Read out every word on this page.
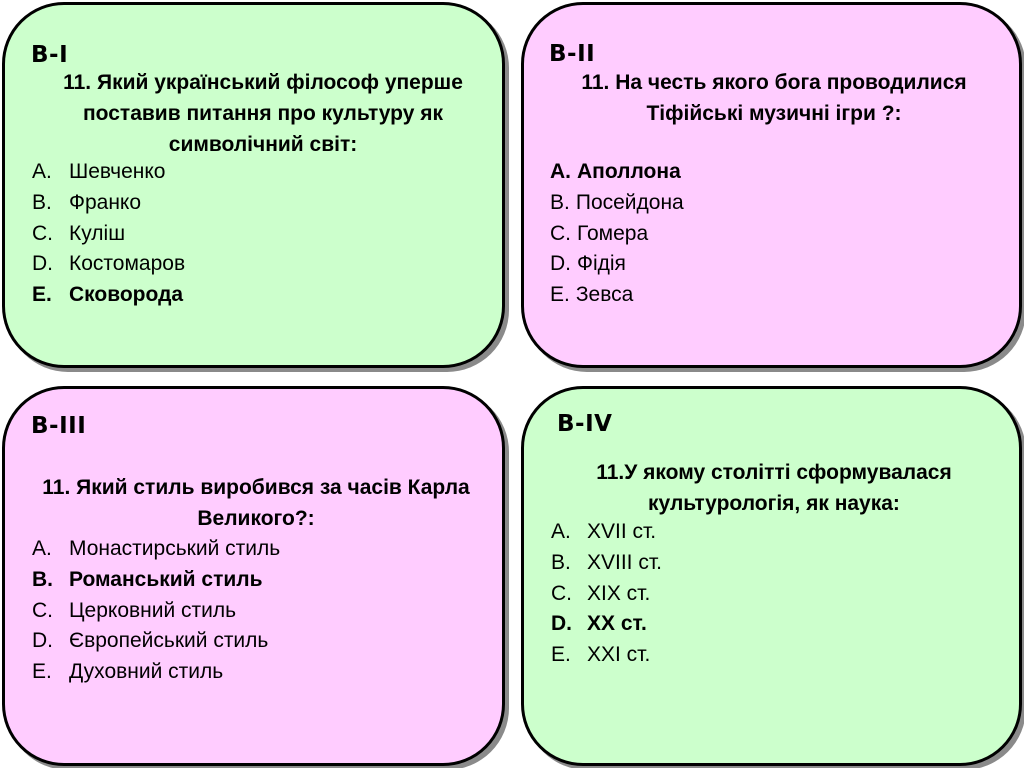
В-І
11. Який український філософ уперше поставив питання про культуру як символічний світ:
A. Шевченко
B. Франко
C. Куліш
D. Костомаров
E. Сковорода
В-ІІ
11. На честь якого бога проводилися Тіфійські музичні ігри ?:
А. Аполлона
В. Посейдона
С. Гомера
D. Фідія
Е. Зевса
В-ІІІ
11. Який стиль виробився за часів Карла Великого?:
A. Монастирський стиль
B. Романський стиль
C. Церковний стиль
D. Європейський стиль
E. Духовний стиль
В-ІV
11.У якому столітті сформувалася культурологія, як наука:
A. XVII ст.
B. XVIII ст.
C. XIX ст.
D. XX ст.
E. XXI ст.
